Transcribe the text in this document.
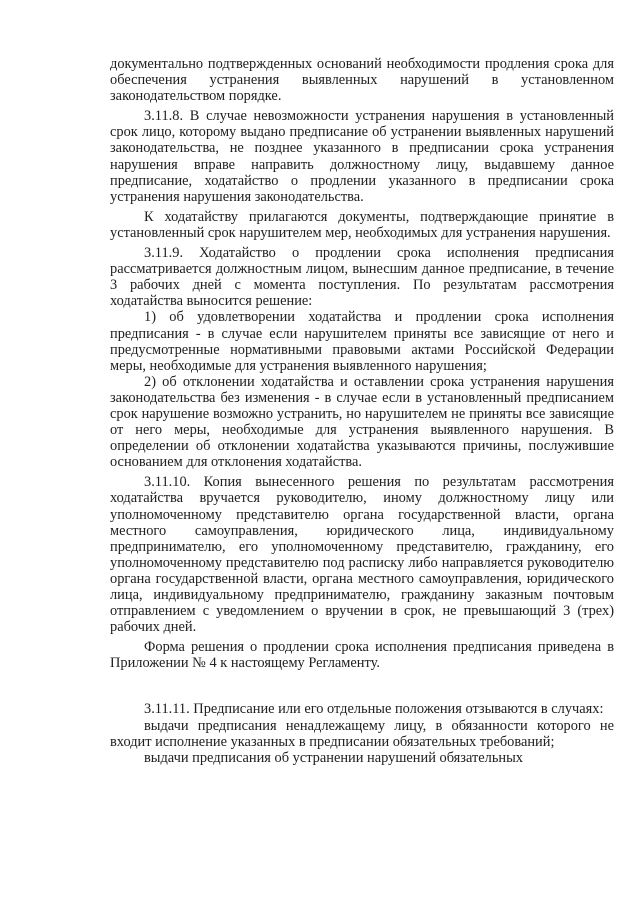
документально подтвержденных оснований необходимости продления срока для обеспечения устранения выявленных нарушений в установленном законодательством порядке.

3.11.8. В случае невозможности устранения нарушения в установленный срок лицо, которому выдано предписание об устранении выявленных нарушений законодательства, не позднее указанного в предписании срока устранения нарушения вправе направить должностному лицу, выдавшему данное предписание, ходатайство о продлении указанного в предписании срока устранения нарушения законодательства.

К ходатайству прилагаются документы, подтверждающие принятие в установленный срок нарушителем мер, необходимых для устранения нарушения.

3.11.9. Ходатайство о продлении срока исполнения предписания рассматривается должностным лицом, вынесшим данное предписание, в течение 3 рабочих дней с момента поступления. По результатам рассмотрения ходатайства выносится решение:

1) об удовлетворении ходатайства и продлении срока исполнения предписания - в случае если нарушителем приняты все зависящие от него и предусмотренные нормативными правовыми актами Российской Федерации меры, необходимые для устранения выявленного нарушения;

2) об отклонении ходатайства и оставлении срока устранения нарушения законодательства без изменения - в случае если в установленный предписанием срок нарушение возможно устранить, но нарушителем не приняты все зависящие от него меры, необходимые для устранения выявленного нарушения. В определении об отклонении ходатайства указываются причины, послужившие основанием для отклонения ходатайства.

3.11.10. Копия вынесенного решения по результатам рассмотрения ходатайства вручается руководителю, иному должностному лицу или уполномоченному представителю органа государственной власти, органа местного самоуправления, юридического лица, индивидуальному предпринимателю, его уполномоченному представителю, гражданину, его уполномоченному представителю под расписку либо направляется руководителю органа государственной власти, органа местного самоуправления, юридического лица, индивидуальному предпринимателю, гражданину заказным почтовым отправлением с уведомлением о вручении в срок, не превышающий 3 (трех) рабочих дней.

Форма решения о продлении срока исполнения предписания приведена в Приложении № 4 к настоящему Регламенту.

3.11.11. Предписание или его отдельные положения отзываются в случаях:

выдачи предписания ненадлежащему лицу, в обязанности которого не входит исполнение указанных в предписании обязательных требований;

выдачи предписания об устранении нарушений обязательных
